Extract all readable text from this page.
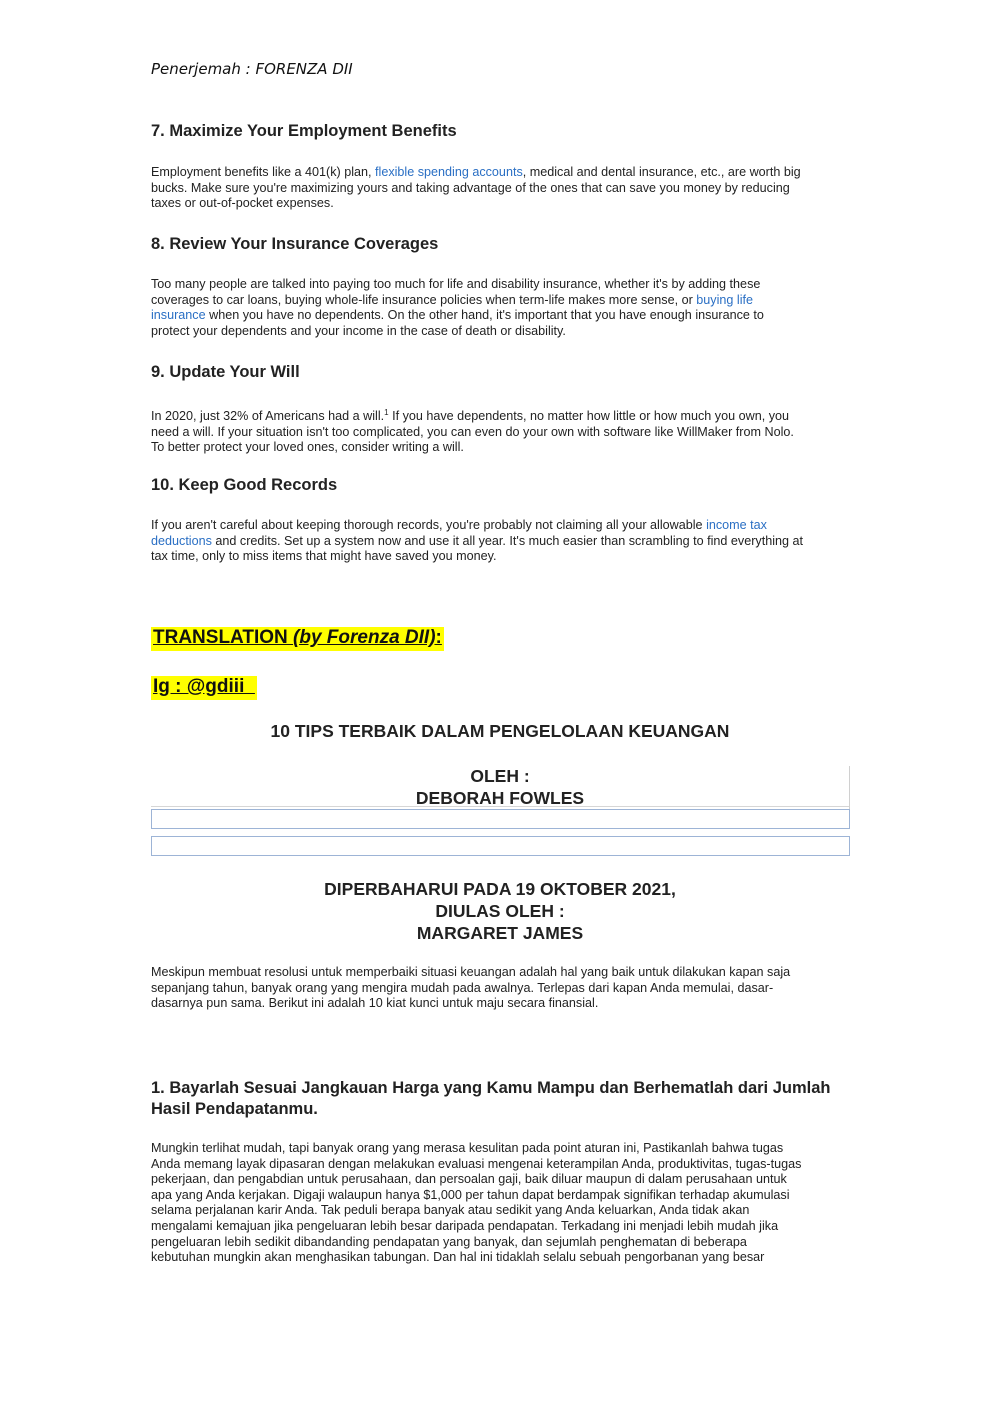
Penerjemah : FORENZA DII
7. Maximize Your Employment Benefits
Employment benefits like a 401(k) plan, flexible spending accounts, medical and dental insurance, etc., are worth big
bucks. Make sure you're maximizing yours and taking advantage of the ones that can save you money by reducing
taxes or out-of-pocket expenses.
8. Review Your Insurance Coverages
Too many people are talked into paying too much for life and disability insurance, whether it's by adding these
coverages to car loans, buying whole-life insurance policies when term-life makes more sense, or buying life
insurance when you have no dependents. On the other hand, it's important that you have enough insurance to
protect your dependents and your income in the case of death or disability.
9. Update Your Will
In 2020, just 32% of Americans had a will.$^1$ If you have dependents, no matter how little or how much you own, you
need a will. If your situation isn't too complicated, you can even do your own with software like WillMaker from Nolo.
To better protect your loved ones, consider writing a will.
10. Keep Good Records
If you aren't careful about keeping thorough records, you're probably not claiming all your allowable income tax
deductions and credits. Set up a system now and use it all year. It's much easier than scrambling to find everything at
tax time, only to miss items that might have saved you money.
TRANSLATION (by Forenza DII):
Ig : @gdiii
10 TIPS TERBAIK DALAM PENGELOLAAN KEUANGAN
OLEH :
DEBORAH FOWLES
DIPERBAHARUI PADA 19 OKTOBER 2021,
DIULAS OLEH :
MARGARET JAMES
Meskipun membuat resolusi untuk memperbaiki situasi keuangan adalah hal yang baik untuk dilakukan kapan saja
sepanjang tahun, banyak orang yang mengira mudah pada awalnya. Terlepas dari kapan Anda memulai, dasar-
dasarnya pun sama. Berikut ini adalah 10 kiat kunci untuk maju secara finansial.
1. Bayarlah Sesuai Jangkauan Harga yang Kamu Mampu dan Berhematlah dari Jumlah
Hasil Pendapatanmu.
Mungkin terlihat mudah, tapi banyak orang yang merasa kesulitan pada point aturan ini, Pastikanlah bahwa tugas
Anda memang layak dipasaran dengan melakukan evaluasi mengenai keterampilan Anda, produktivitas, tugas-tugas
pekerjaan, dan pengabdian untuk perusahaan, dan persoalan gaji, baik diluar maupun di dalam perusahaan untuk
apa yang Anda kerjakan. Digaji walaupun hanya $1,000 per tahun dapat berdampak signifikan terhadap akumulasi
selama perjalanan karir Anda. Tak peduli berapa banyak atau sedikit yang Anda keluarkan, Anda tidak akan
mengalami kemajuan jika pengeluaran lebih besar daripada pendapatan. Terkadang ini menjadi lebih mudah jika
pengeluaran lebih sedikit dibandanding pendapatan yang banyak, dan sejumlah penghematan di beberapa
kebutuhan mungkin akan menghasikan tabungan. Dan hal ini tidaklah selalu sebuah pengorbanan yang besar
